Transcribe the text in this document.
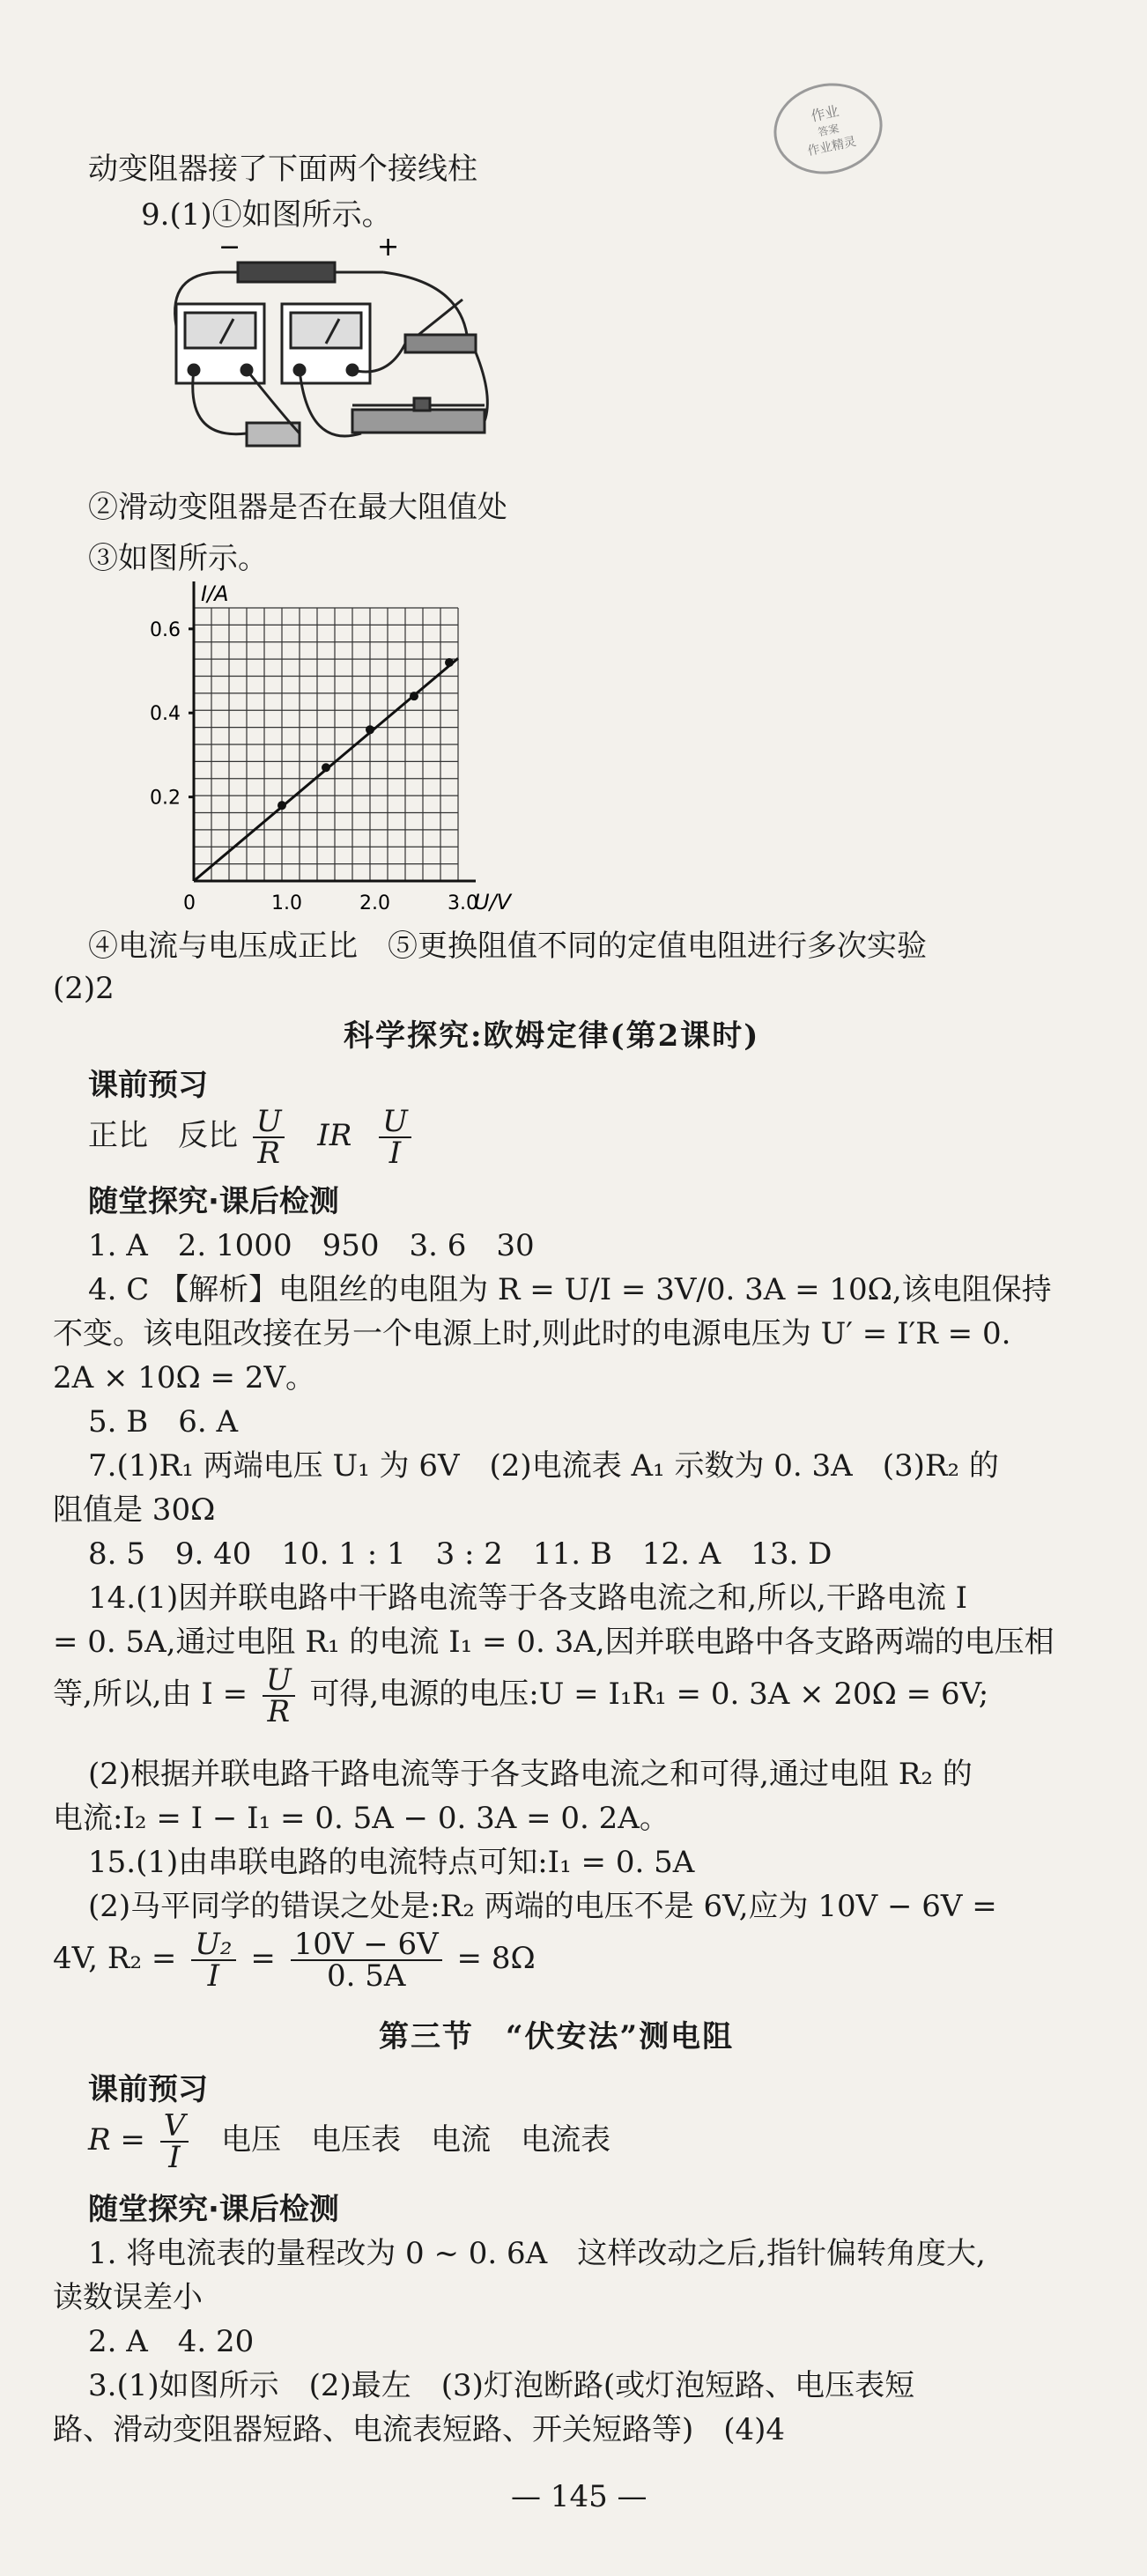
作业
答案
作业精灵
动变阻器接了下面两个接线柱
9.(1)①如图所示。
−	+
②滑动变阻器是否在最大阻值处
③如图所示。
0	1.0	2.0	3.0
0.2
0.4
0.6
U/V
I/A
④电流与电压成正比　⑤更换阻值不同的定值电阻进行多次实验
(2)2
科学探究:欧姆定律(第2课时)
课前预习
正比　反比 $\frac{U}{R}$ IR $\frac{U}{I}$
随堂探究·课后检测
1. A　2. 1000　950　3. 6　30
4. C 【解析】电阻丝的电阻为 R = U/I = 3V/0. 3A = 10Ω,该电阻保持
不变。该电阻改接在另一个电源上时,则此时的电源电压为 U′ = I′R = 0.
2A × 10Ω = 2V。
5. B　6. A
7.(1)R₁ 两端电压 U₁ 为 6V　(2)电流表 A₁ 示数为 0. 3A　(3)R₂ 的
阻值是 30Ω
8. 5　9. 40　10. 1 : 1　3 : 2　11. B　12. A　13. D
14.(1)因并联电路中干路电流等于各支路电流之和,所以,干路电流 I
= 0. 5A,通过电阻 R₁ 的电流 I₁ = 0. 3A,因并联电路中各支路两端的电压相
等,所以,由 $I = \frac{U}{R}$ 可得,电源的电压:U = I₁R₁ = 0. 3A × 20Ω = 6V;
(2)根据并联电路干路电流等于各支路电流之和可得,通过电阻 R₂ 的
电流:I₂ = I − I₁ = 0. 5A − 0. 3A = 0. 2A。
15.(1)由串联电路的电流特点可知:I₁ = 0. 5A
(2)马平同学的错误之处是:R₂ 两端的电压不是 6V,应为 10V − 6V =
4V, $R_2 = \frac{\text{U₂}}{I} = \frac{10V - 6V}{0. 5A} = 8\Omega$
第三节　“伏安法”测电阻
课前预习
$R = \frac{V}{I}$ 电压　电压表　电流　电流表
随堂探究·课后检测
1. 将电流表的量程改为 0 ~ 0. 6A　这样改动之后,指针偏转角度大,
读数误差小
2. A　4. 20
3.(1)如图所示　(2)最左　(3)灯泡断路(或灯泡短路、电压表短
路、滑动变阻器短路、电流表短路、开关短路等)　(4)4
— 145 —
